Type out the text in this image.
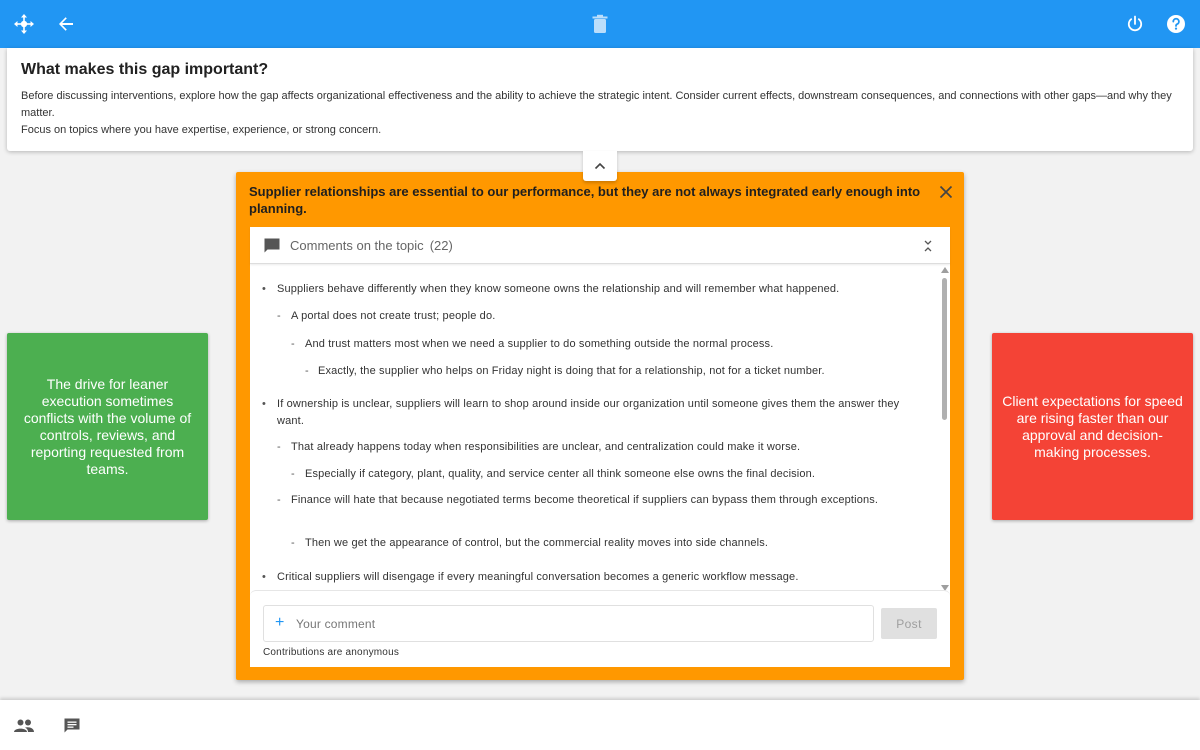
What makes this gap important?

Before discussing interventions, explore how the gap affects organizational effectiveness and the ability to achieve the strategic intent. Consider current effects, downstream consequences, and connections with other gaps—and why they matter.

Focus on topics where you have expertise, experience, or strong concern.

The drive for leaner execution sometimes conflicts with the volume of controls, reviews, and reporting requested from teams.
Client expectations for speed are rising faster than our approval and decision-making processes.
Supplier relationships are essential to our performance, but they are not always integrated early enough into planning.
Comments on the topic (22)
• Suppliers behave differently when they know someone owns the relationship and will remember what happened.
- A portal does not create trust; people do.
- And trust matters most when we need a supplier to do something outside the normal process.
- Exactly, the supplier who helps on Friday night is doing that for a relationship, not for a ticket number.
• If ownership is unclear, suppliers will learn to shop around inside our organization until someone gives them the answer they want.
- That already happens today when responsibilities are unclear, and centralization could make it worse.
- Especially if category, plant, quality, and service center all think someone else owns the final decision.
- Finance will hate that because negotiated terms become theoretical if suppliers can bypass them through exceptions.
- Then we get the appearance of control, but the commercial reality moves into side channels.
• Critical suppliers will disengage if every meaningful conversation becomes a generic workflow message.
+
Your comment	Post
Contributions are anonymous
